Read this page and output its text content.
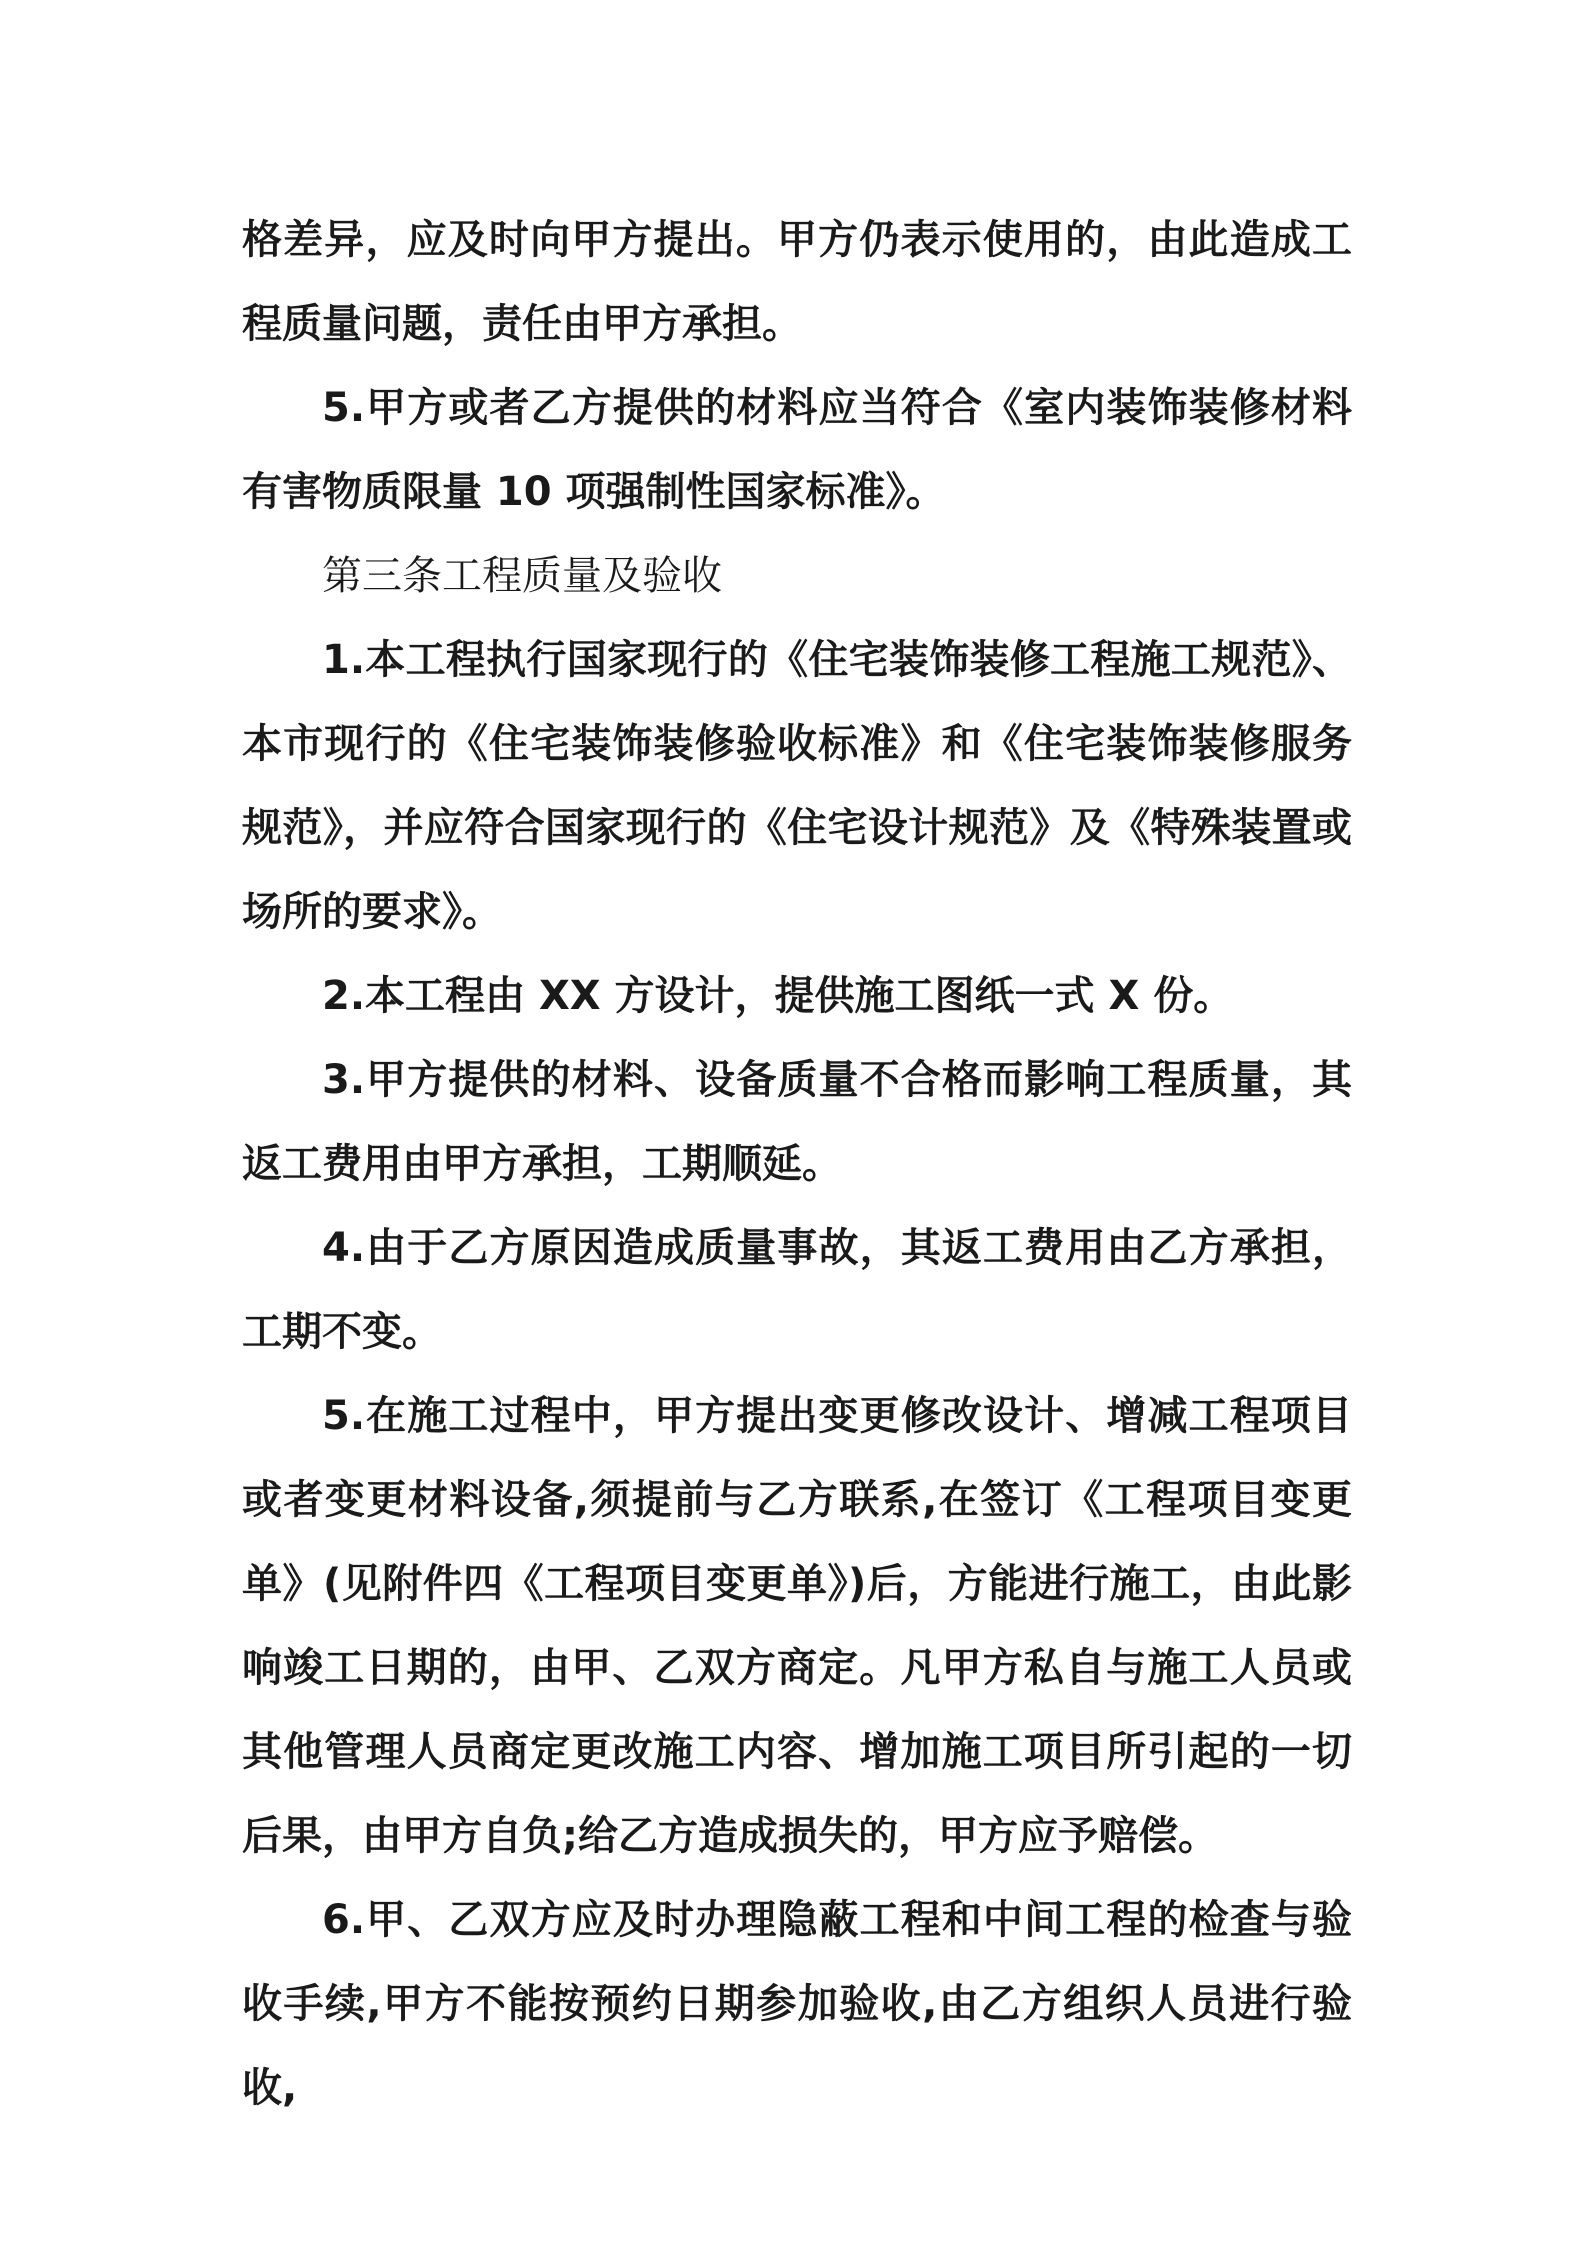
格差异，应及时向甲方提出。甲方仍表示使用的，由此造成工程质量问题，责任由甲方承担。

5.甲方或者乙方提供的材料应当符合《室内装饰装修材料有害物质限量 10 项强制性国家标准》。

第三条工程质量及验收

1.本工程执行国家现行的《住宅装饰装修工程施工规范》、本市现行的《住宅装饰装修验收标准》和《住宅装饰装修服务规范》，并应符合国家现行的《住宅设计规范》及《特殊装置或场所的要求》。

2.本工程由 XX 方设计，提供施工图纸一式 X 份。

3.甲方提供的材料、设备质量不合格而影响工程质量，其返工费用由甲方承担，工期顺延。

4.由于乙方原因造成质量事故，其返工费用由乙方承担，工期不变。

5.在施工过程中，甲方提出变更修改设计、增减工程项目或者变更材料设备,须提前与乙方联系,在签订《工程项目变更单》(见附件四《工程项目变更单》)后，方能进行施工，由此影响竣工日期的，由甲、乙双方商定。凡甲方私自与施工人员或其他管理人员商定更改施工内容、增加施工项目所引起的一切后果，由甲方自负;给乙方造成损失的，甲方应予赔偿。

6.甲、乙双方应及时办理隐蔽工程和中间工程的检查与验收手续,甲方不能按预约日期参加验收,由乙方组织人员进行验收,
